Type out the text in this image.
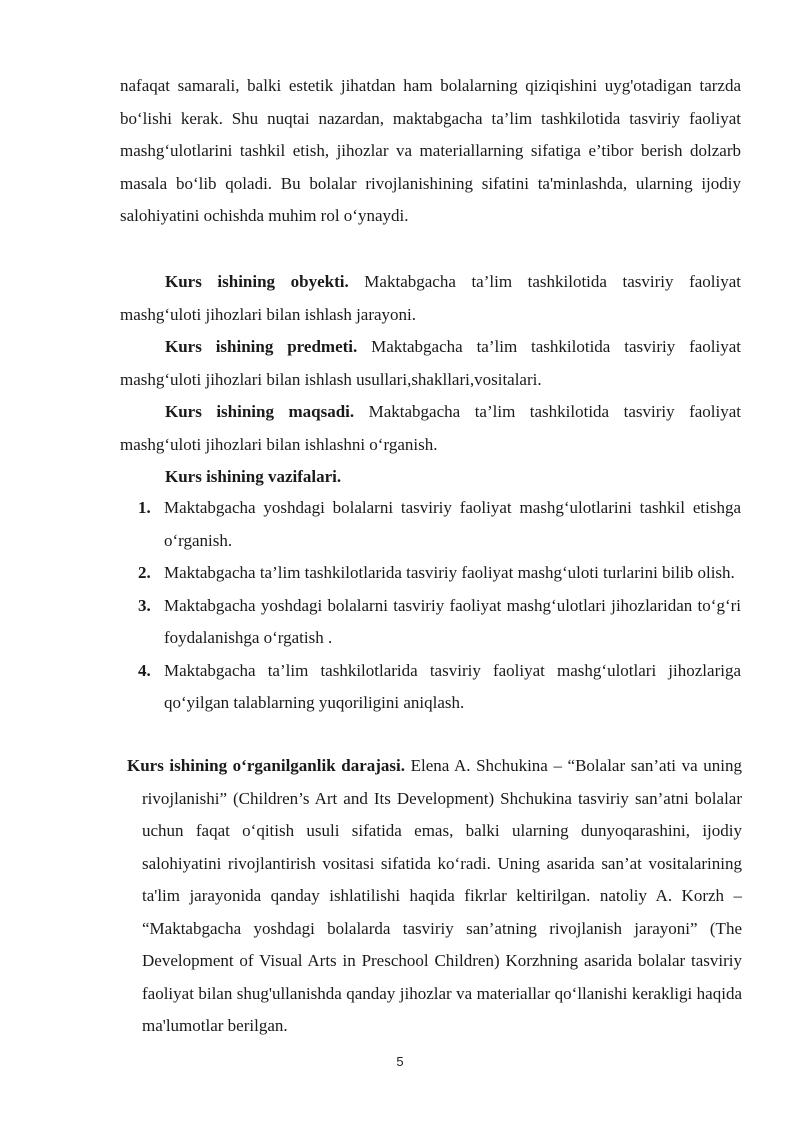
nafaqat samarali, balki estetik jihatdan ham bolalarning qiziqishini uyg'otadigan tarzda bo‘lishi kerak. Shu nuqtai nazardan, maktabgacha ta’lim tashkilotida tasviriy faoliyat mashg‘ulotlarini tashkil etish, jihozlar va materiallarning sifatiga e’tibor berish dolzarb masala bo‘lib qoladi. Bu bolalar rivojlanishining sifatini ta'minlashda, ularning ijodiy salohiyatini ochishda muhim rol o‘ynaydi.

Kurs ishining obyekti. Maktabgacha ta’lim tashkilotida tasviriy faoliyat mashg‘uloti jihozlari bilan ishlash jarayoni.

Kurs ishining predmeti. Maktabgacha ta’lim tashkilotida tasviriy faoliyat mashg‘uloti jihozlari bilan ishlash usullari,shakllari,vositalari.

Kurs ishining maqsadi. Maktabgacha ta’lim tashkilotida tasviriy faoliyat mashg‘uloti jihozlari bilan ishlashni o‘rganish.

Kurs ishining vazifalari.

1. Maktabgacha yoshdagi bolalarni tasviriy faoliyat mashg‘ulotlarini tashkil etishga o‘rganish.
2. Maktabgacha ta’lim tashkilotlarida tasviriy faoliyat mashg‘uloti turlarini bilib olish.
3. Maktabgacha yoshdagi bolalarni tasviriy faoliyat mashg‘ulotlari jihozlaridan to‘g‘ri foydalanishga o‘rgatish .
4. Maktabgacha ta’lim tashkilotlarida tasviriy faoliyat mashg‘ulotlari jihozlariga qo‘yilgan talablarning yuqoriligini aniqlash.
Kurs ishining o‘rganilganlik darajasi. Elena A. Shchukina – “Bolalar san’ati va uning rivojlanishi” (Children’s Art and Its Development) Shchukina tasviriy san’atni bolalar uchun faqat o‘qitish usuli sifatida emas, balki ularning dunyoqarashini, ijodiy salohiyatini rivojlantirish vositasi sifatida ko‘radi. Uning asarida san’at vositalarining ta'lim jarayonida qanday ishlatilishi haqida fikrlar keltirilgan. natoliy A. Korzh – “Maktabgacha yoshdagi bolalarda tasviriy san’atning rivojlanish jarayoni” (The Development of Visual Arts in Preschool Children) Korzhning asarida bolalar tasviriy faoliyat bilan shug'ullanishda qanday jihozlar va materiallar qo‘llanishi kerakligi haqida ma'lumotlar berilgan.
5
